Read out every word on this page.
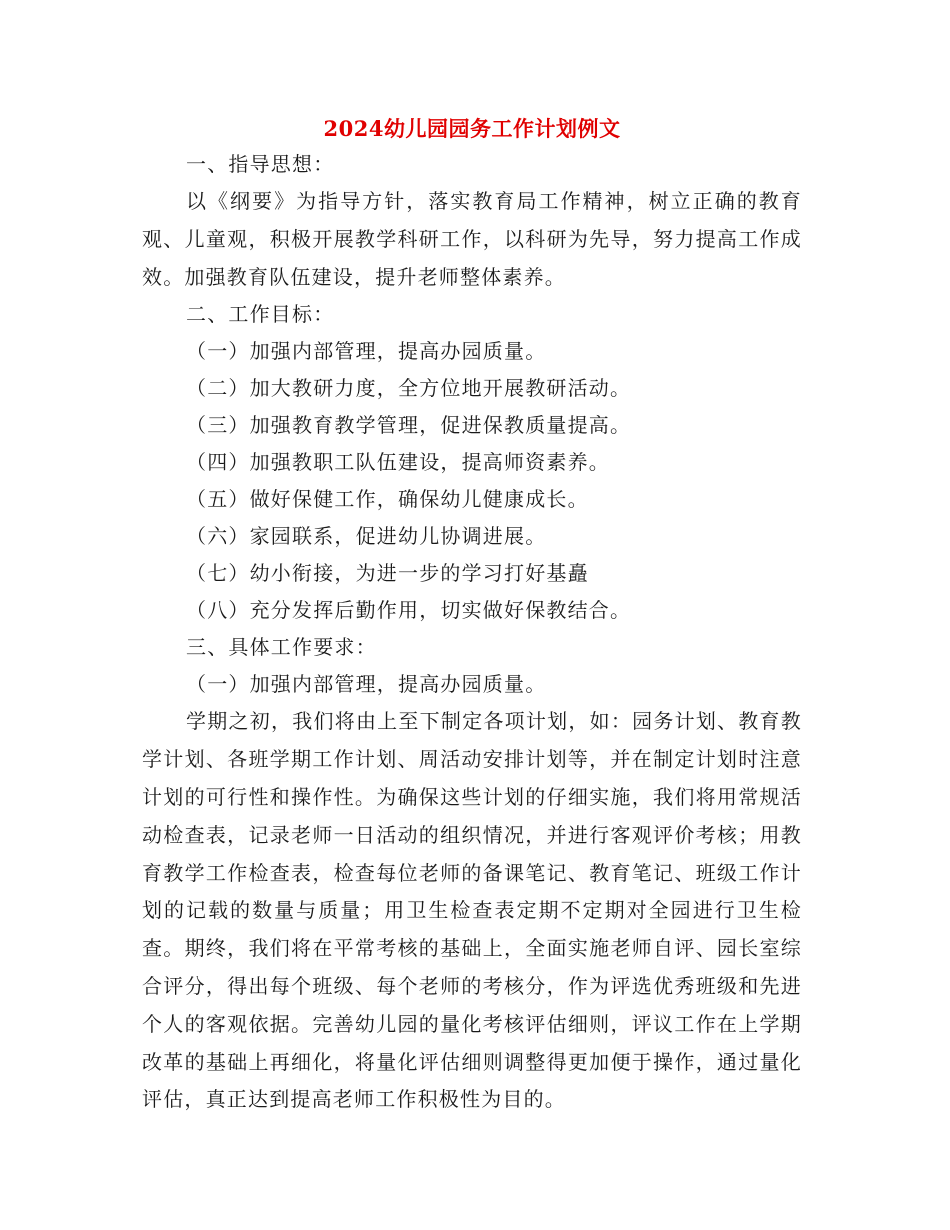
2024幼儿园园务工作计划例文

一、指导思想：

以《纲要》为指导方针，落实教育局工作精神，树立正确的教育观、儿童观，积极开展教学科研工作，以科研为先导，努力提高工作成效。加强教育队伍建设，提升老师整体素养。

二、工作目标：

（一）加强内部管理，提高办园质量。

（二）加大教研力度，全方位地开展教研活动。

（三）加强教育教学管理，促进保教质量提高。

（四）加强教职工队伍建设，提高师资素养。

（五）做好保健工作，确保幼儿健康成长。

（六）家园联系，促进幼儿协调进展。

（七）幼小衔接，为进一步的学习打好基矗

（八）充分发挥后勤作用，切实做好保教结合。

三、具体工作要求：

（一）加强内部管理，提高办园质量。

学期之初，我们将由上至下制定各项计划，如：园务计划、教育教学计划、各班学期工作计划、周活动安排计划等，并在制定计划时注意计划的可行性和操作性。为确保这些计划的仔细实施，我们将用常规活动检查表，记录老师一日活动的组织情况，并进行客观评价考核；用教育教学工作检查表，检查每位老师的备课笔记、教育笔记、班级工作计划的记载的数量与质量；用卫生检查表定期不定期对全园进行卫生检查。期终，我们将在平常考核的基础上，全面实施老师自评、园长室综合评分，得出每个班级、每个老师的考核分，作为评选优秀班级和先进个人的客观依据。完善幼儿园的量化考核评估细则，评议工作在上学期改革的基础上再细化，将量化评估细则调整得更加便于操作，通过量化评估，真正达到提高老师工作积极性为目的。
